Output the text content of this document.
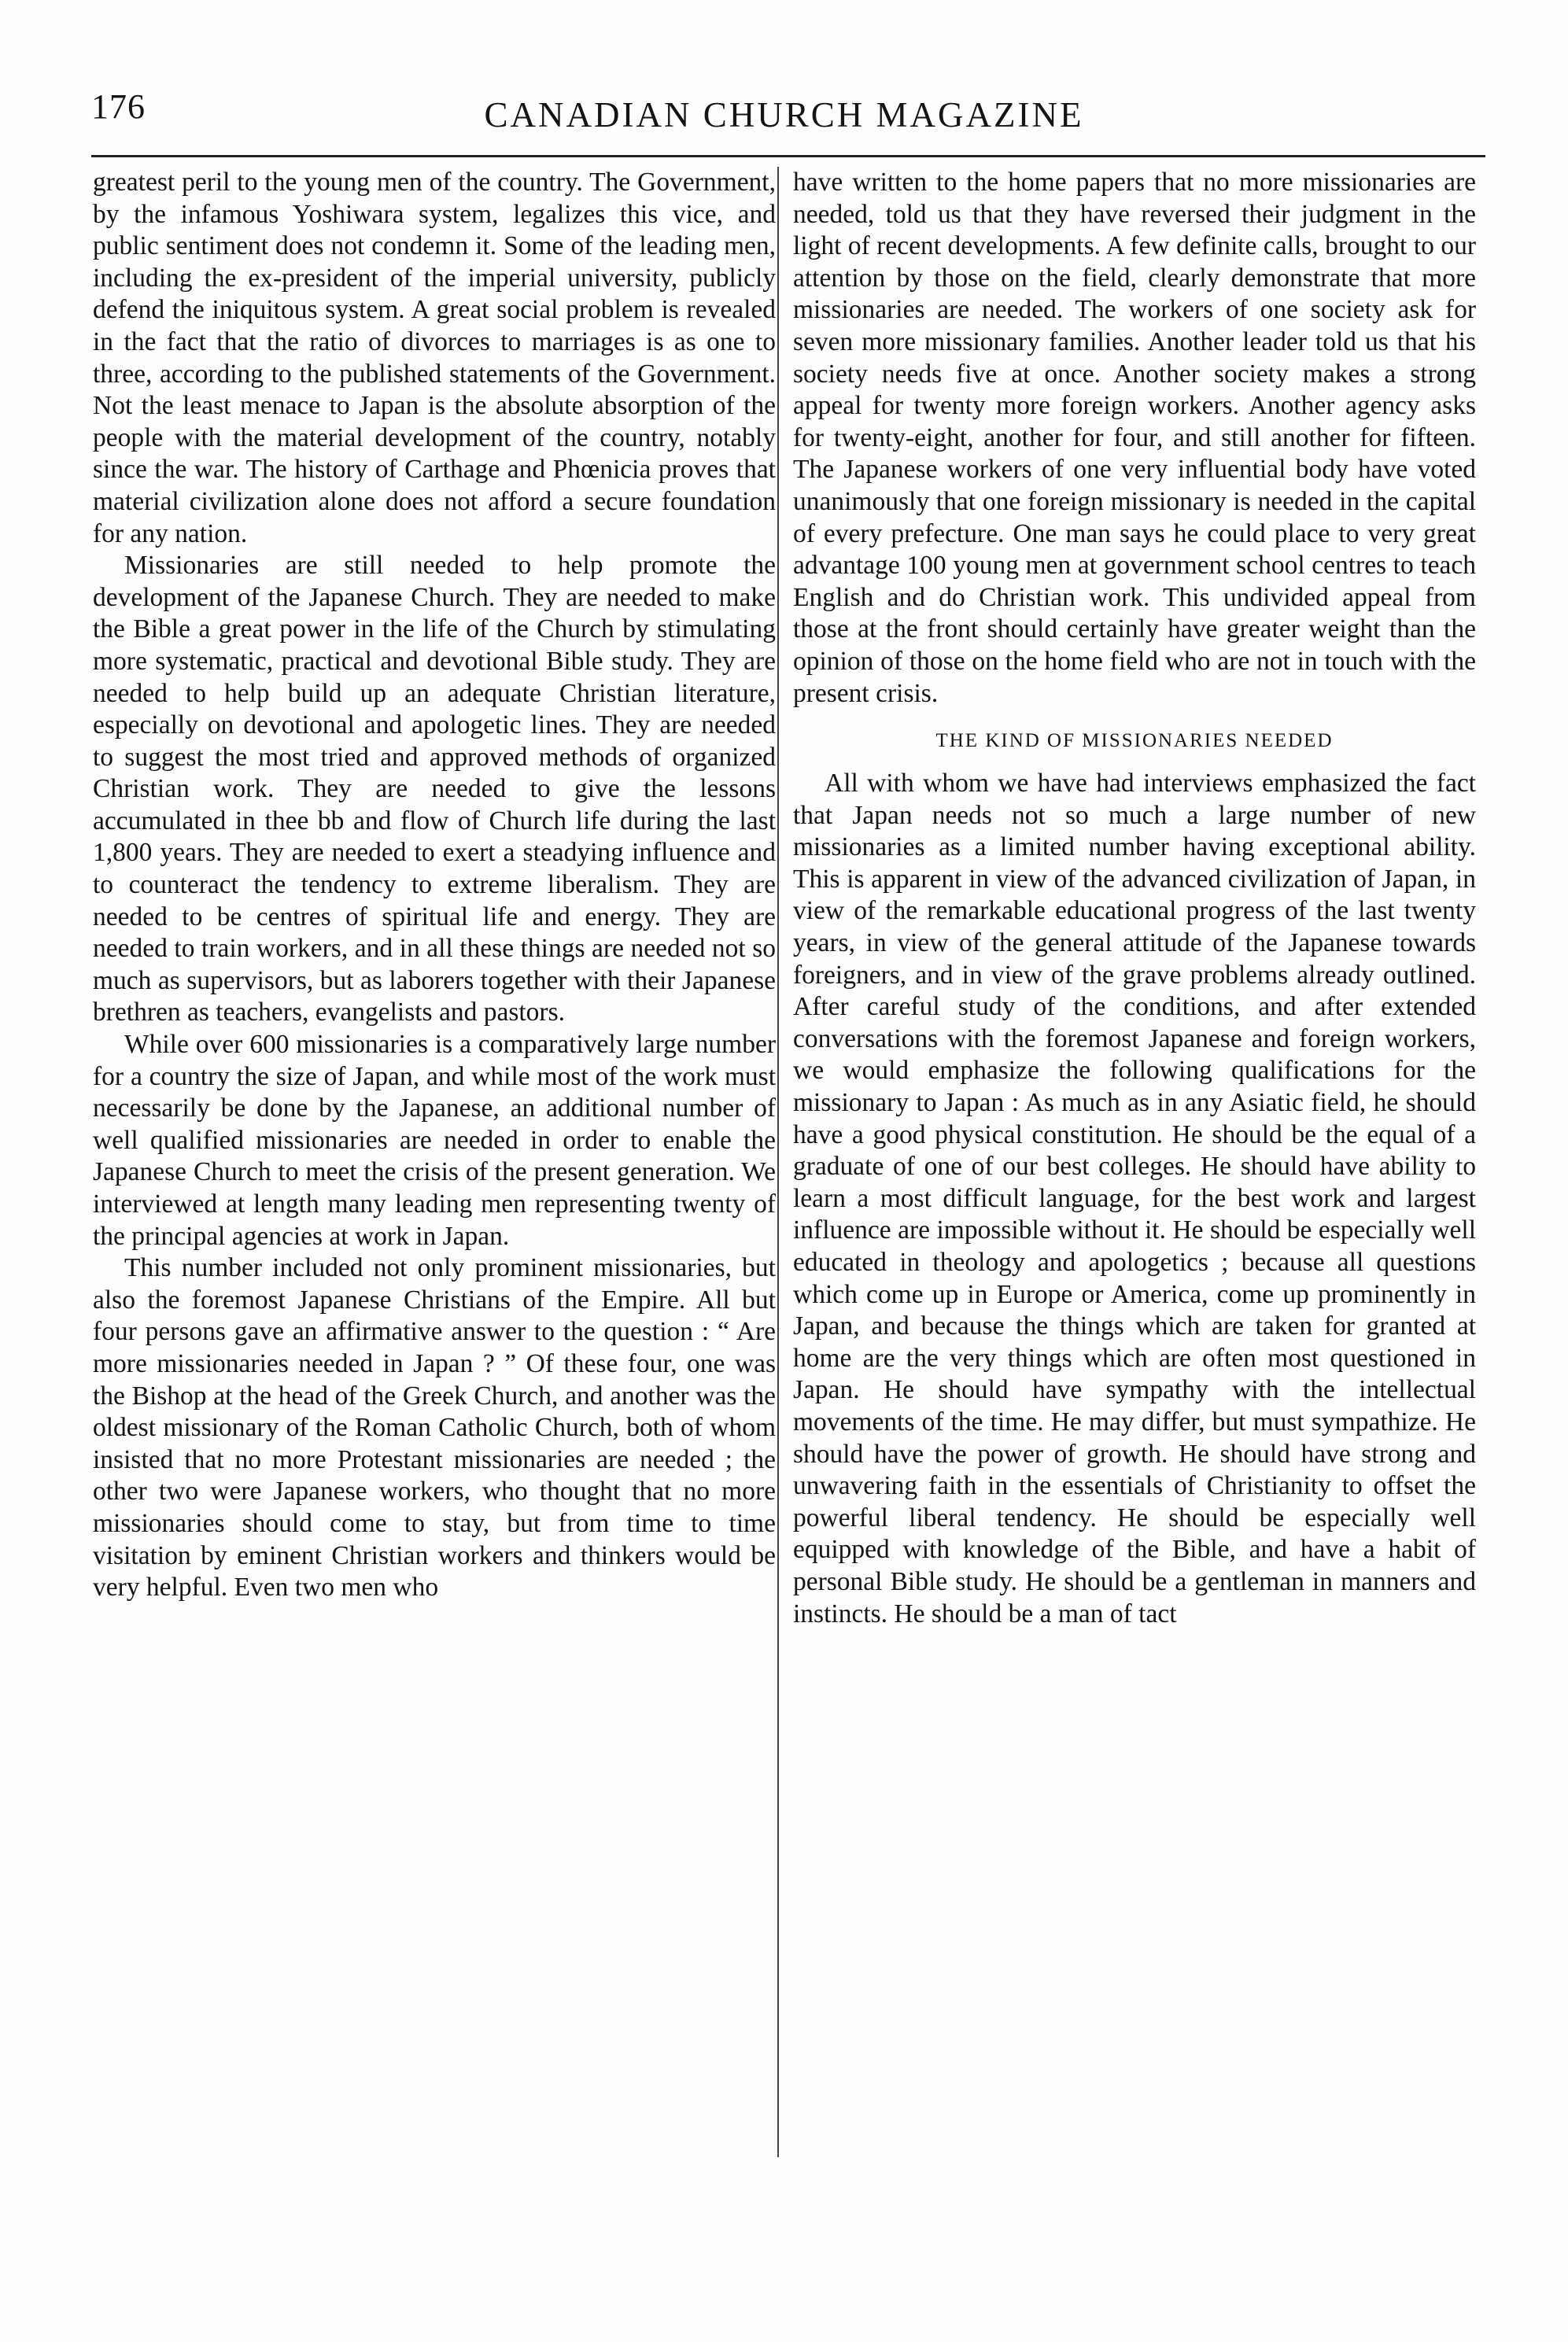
176	CANADIAN CHURCH MAGAZINE

greatest peril to the young men of the country. The Government, by the infamous Yoshiwara system, legalizes this vice, and public sentiment does not condemn it. Some of the leading men, including the ex-president of the imperial university, publicly defend the iniquitous system. A great social problem is revealed in the fact that the ratio of divorces to marriages is as one to three, according to the published statements of the Government. Not the least menace to Japan is the absolute absorption of the people with the material development of the country, notably since the war. The history of Carthage and Phœnicia proves that material civilization alone does not afford a secure foundation for any nation.

Missionaries are still needed to help promote the development of the Japanese Church. They are needed to make the Bible a great power in the life of the Church by stimulating more systematic, practical and devotional Bible study. They are needed to help build up an adequate Christian literature, especially on devotional and apologetic lines. They are needed to suggest the most tried and approved methods of organized Christian work. They are needed to give the lessons accumulated in thee bb and flow of Church life during the last 1,800 years. They are needed to exert a steadying influence and to counteract the tendency to extreme liberalism. They are needed to be centres of spiritual life and energy. They are needed to train workers, and in all these things are needed not so much as supervisors, but as laborers together with their Japanese brethren as teachers, evangelists and pastors.

While over 600 missionaries is a comparatively large number for a country the size of Japan, and while most of the work must necessarily be done by the Japanese, an additional number of well qualified missionaries are needed in order to enable the Japanese Church to meet the crisis of the present generation. We interviewed at length many leading men representing twenty of the principal agencies at work in Japan.

This number included not only prominent missionaries, but also the foremost Japanese Christians of the Empire. All but four persons gave an affirmative answer to the question : “ Are more missionaries needed in Japan ? ” Of these four, one was the Bishop at the head of the Greek Church, and another was the oldest missionary of the Roman Catholic Church, both of whom insisted that no more Protestant missionaries are needed ; the other two were Japanese workers, who thought that no more missionaries should come to stay, but from time to time visitation by eminent Christian workers and thinkers would be very helpful. Even two men who

have written to the home papers that no more missionaries are needed, told us that they have reversed their judgment in the light of recent developments. A few definite calls, brought to our attention by those on the field, clearly demonstrate that more missionaries are needed. The workers of one society ask for seven more missionary families. Another leader told us that his society needs five at once. Another society makes a strong appeal for twenty more foreign workers. Another agency asks for twenty-eight, another for four, and still another for fifteen. The Japanese workers of one very influential body have voted unanimously that one foreign missionary is needed in the capital of every prefecture. One man says he could place to very great advantage 100 young men at government school centres to teach English and do Christian work. This undivided appeal from those at the front should certainly have greater weight than the opinion of those on the home field who are not in touch with the present crisis.

THE KIND OF MISSIONARIES NEEDED

All with whom we have had interviews emphasized the fact that Japan needs not so much a large number of new missionaries as a limited number having exceptional ability. This is apparent in view of the advanced civilization of Japan, in view of the remarkable educational progress of the last twenty years, in view of the general attitude of the Japanese towards foreigners, and in view of the grave problems already outlined. After careful study of the conditions, and after extended conversations with the foremost Japanese and foreign workers, we would emphasize the following qualifications for the missionary to Japan : As much as in any Asiatic field, he should have a good physical constitution. He should be the equal of a graduate of one of our best colleges. He should have ability to learn a most difficult language, for the best work and largest influence are impossible without it. He should be especially well educated in theology and apologetics ; because all questions which come up in Europe or America, come up prominently in Japan, and because the things which are taken for granted at home are the very things which are often most questioned in Japan. He should have sympathy with the intellectual movements of the time. He may differ, but must sympathize. He should have the power of growth. He should have strong and unwavering faith in the essentials of Christianity to offset the powerful liberal tendency. He should be especially well equipped with knowledge of the Bible, and have a habit of personal Bible study. He should be a gentleman in manners and instincts. He should be a man of tact
